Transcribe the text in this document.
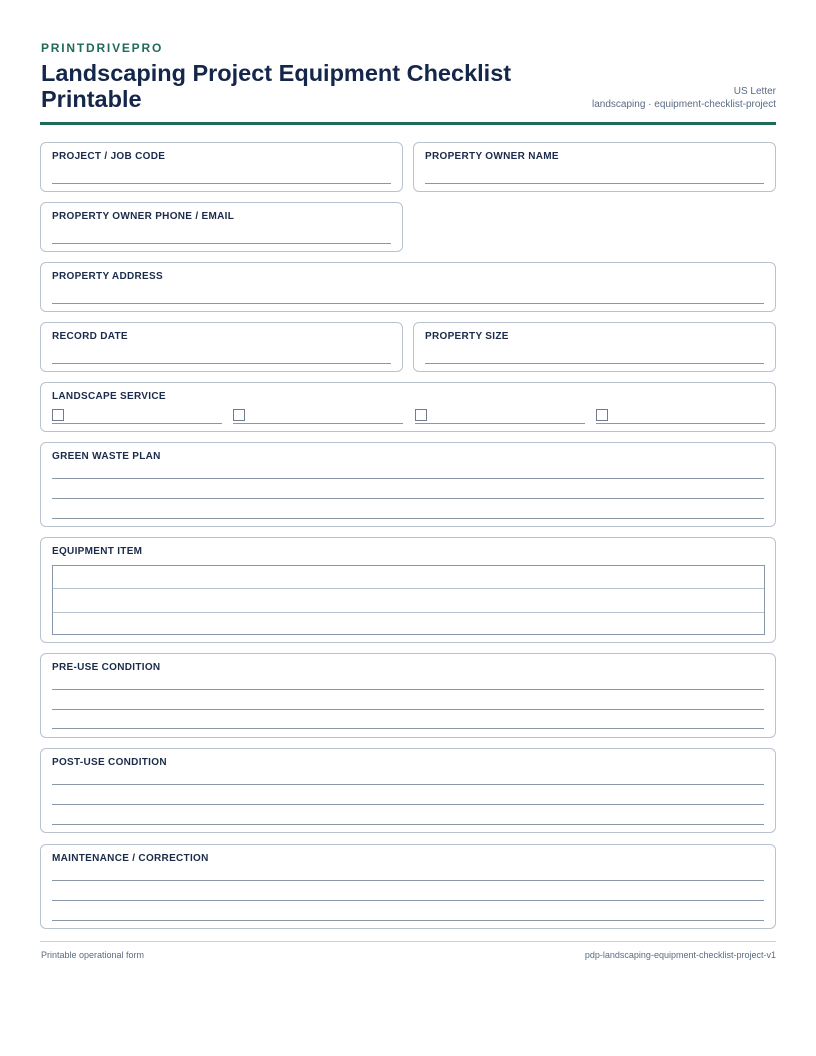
PRINTDRIVEPRO
Landscaping Project Equipment Checklist Printable	US Letter
landscaping · equipment-checklist-project
PROJECT / JOB CODE	PROPERTY OWNER NAME
PROPERTY OWNER PHONE / EMAIL
PROPERTY ADDRESS
RECORD DATE	PROPERTY SIZE
LANDSCAPE SERVICE
GREEN WASTE PLAN
EQUIPMENT ITEM
PRE-USE CONDITION
POST-USE CONDITION
MAINTENANCE / CORRECTION
Printable operational form	pdp-landscaping-equipment-checklist-project-v1
